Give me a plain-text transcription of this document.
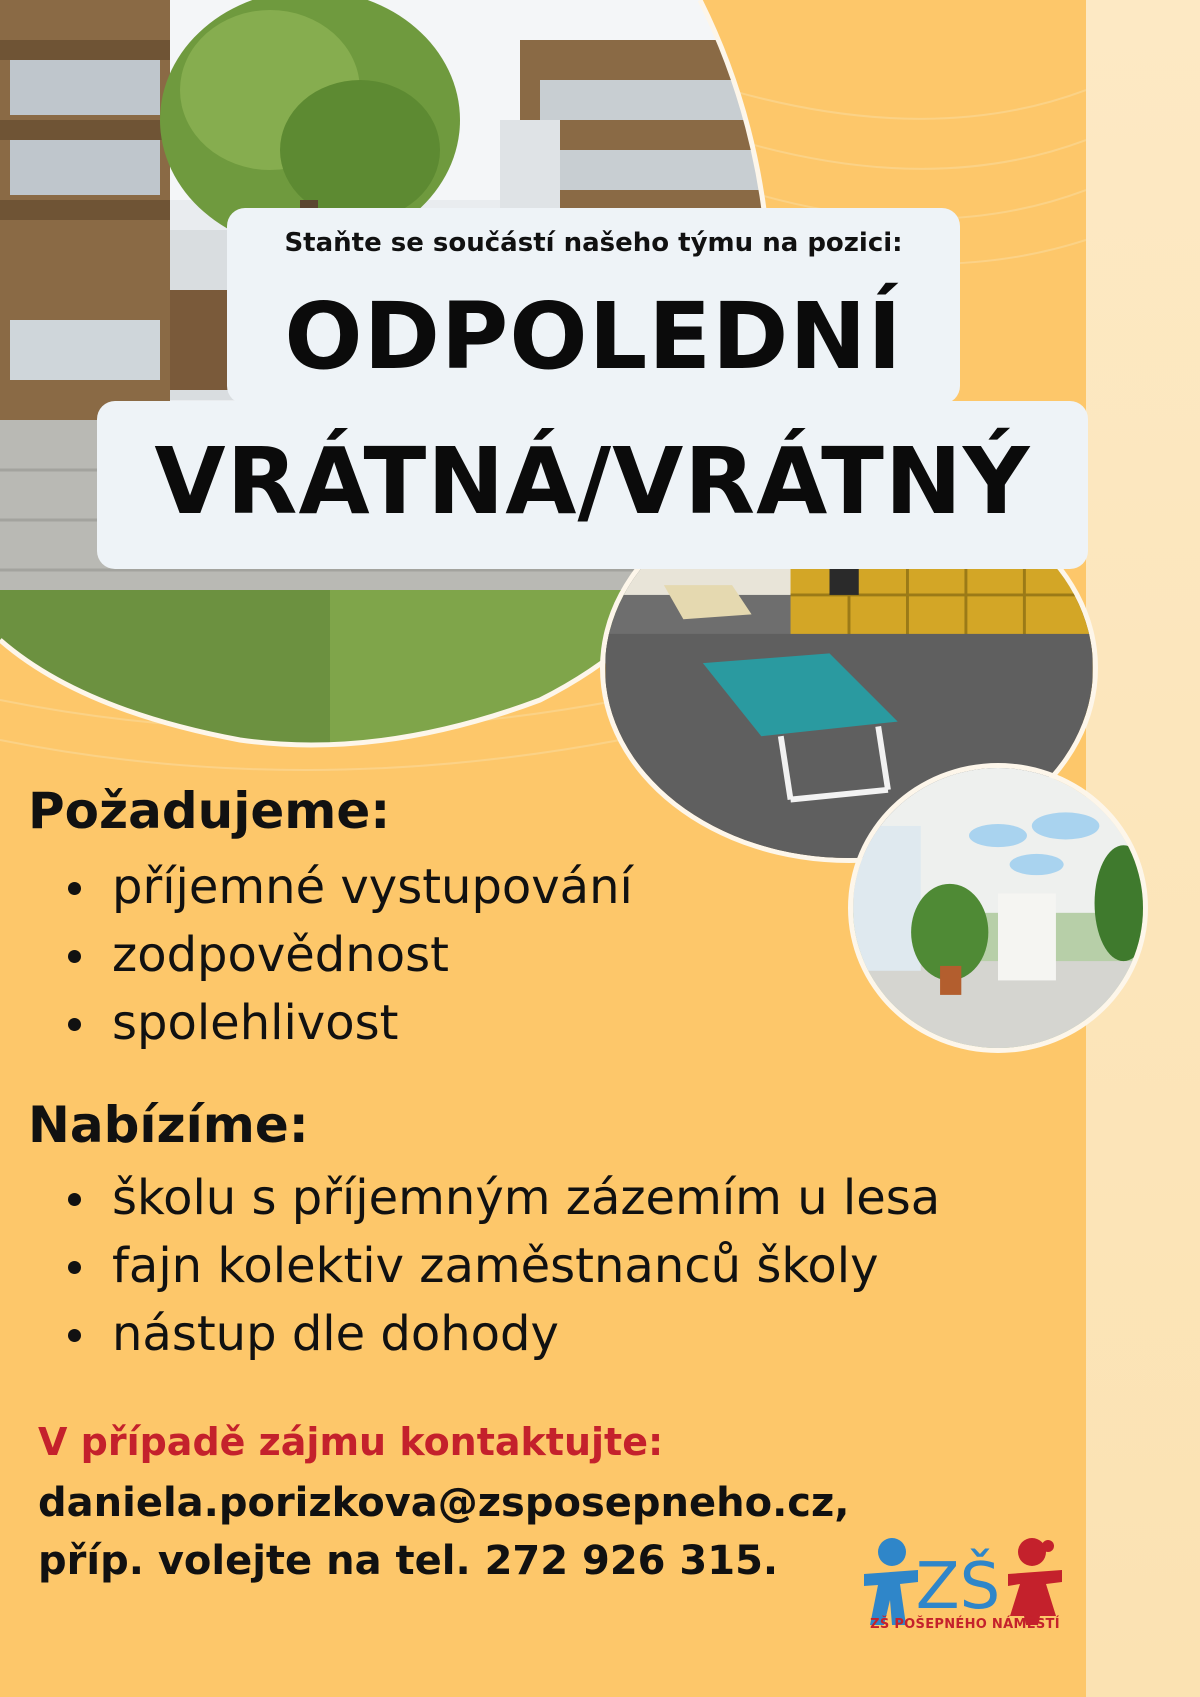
Staňte se součástí našeho týmu na pozici:
ODPOLEDNÍ
VRÁTNÁ/VRÁTNÝ
Požadujeme:
příjemné vystupování
zodpovědnost
spolehlivost
Nabízíme:
školu s příjemným zázemím u lesa
fajn kolektiv zaměstnanců školy
nástup dle dohody
V případě zájmu kontaktujte:
daniela.porizkova@zsposepneho.cz,
příp. volejte na tel. 272 926 315. ZŠ
ZŠ POŠEPNÉHO NÁMĚSTÍ
